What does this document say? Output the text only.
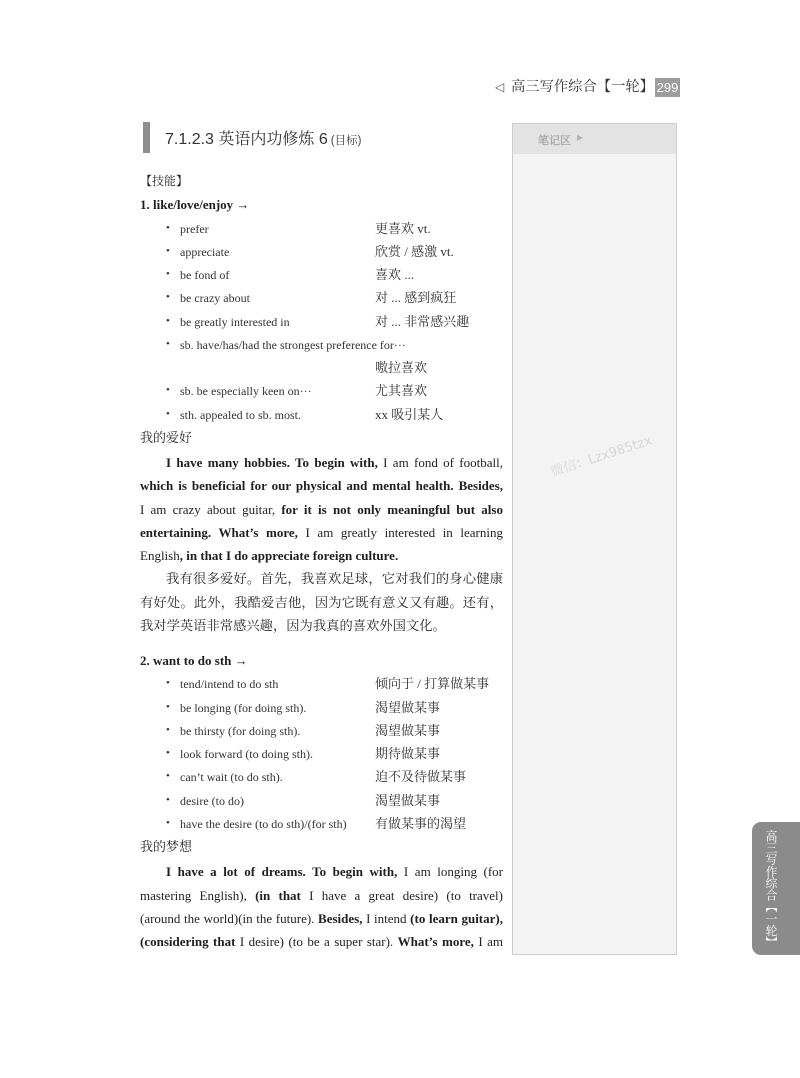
◁
高三写作综合【一轮】 299
7.1.2.3 英语内功修炼 6 (目标)	笔记区
▶
微信：Lzx985tzx
【技能】
1. like/love/enjoy →
•
prefer	更喜欢 vt.
•
appreciate	欣赏 / 感激 vt.
•
be fond of	喜欢 ...
•
be crazy about	对 ... 感到疯狂
•
be greatly interested in	对 ... 非常感兴趣
•
sb. have/has/had the strongest preference for···
嗷拉喜欢
•
sb. be especially keen on···	尤其喜欢
•
sth. appealed to sb. most.	xx 吸引某人
我的爱好
I have many hobbies. To begin with, I am fond of football,
which is beneficial for our physical and mental health. Besides,
I am crazy about guitar, for it is not only meaningful but also
entertaining. What’s more, I am greatly interested in learning
English, in that I do appreciate foreign culture.
我有很多爱好。首先，我喜欢足球，它对我们的身心健康有好处。此外，我酷爱吉他，因为它既有意义又有趣。还有，我对学英语非常感兴趣，因为我真的喜欢外国文化。
2. want to do sth →
•
tend/intend to do sth	倾向于 / 打算做某事
•
be longing (for doing sth).	渴望做某事
•
be thirsty (for doing sth).	渴望做某事
•
look forward (to doing sth).	期待做某事
•
can’t wait (to do sth).	迫不及待做某事
•
desire (to do)	渴望做某事
•
have the desire (to do sth)/(for sth) 有做某事的渴望
我的梦想
I have a lot of dreams. To begin with, I am longing (for
mastering English), (in that I have a great desire) (to travel)
(around the world)(in the future). Besides, I intend (to learn guitar),
(considering that I desire) (to be a super star). What’s more, I am	高三写作综合【一轮】
